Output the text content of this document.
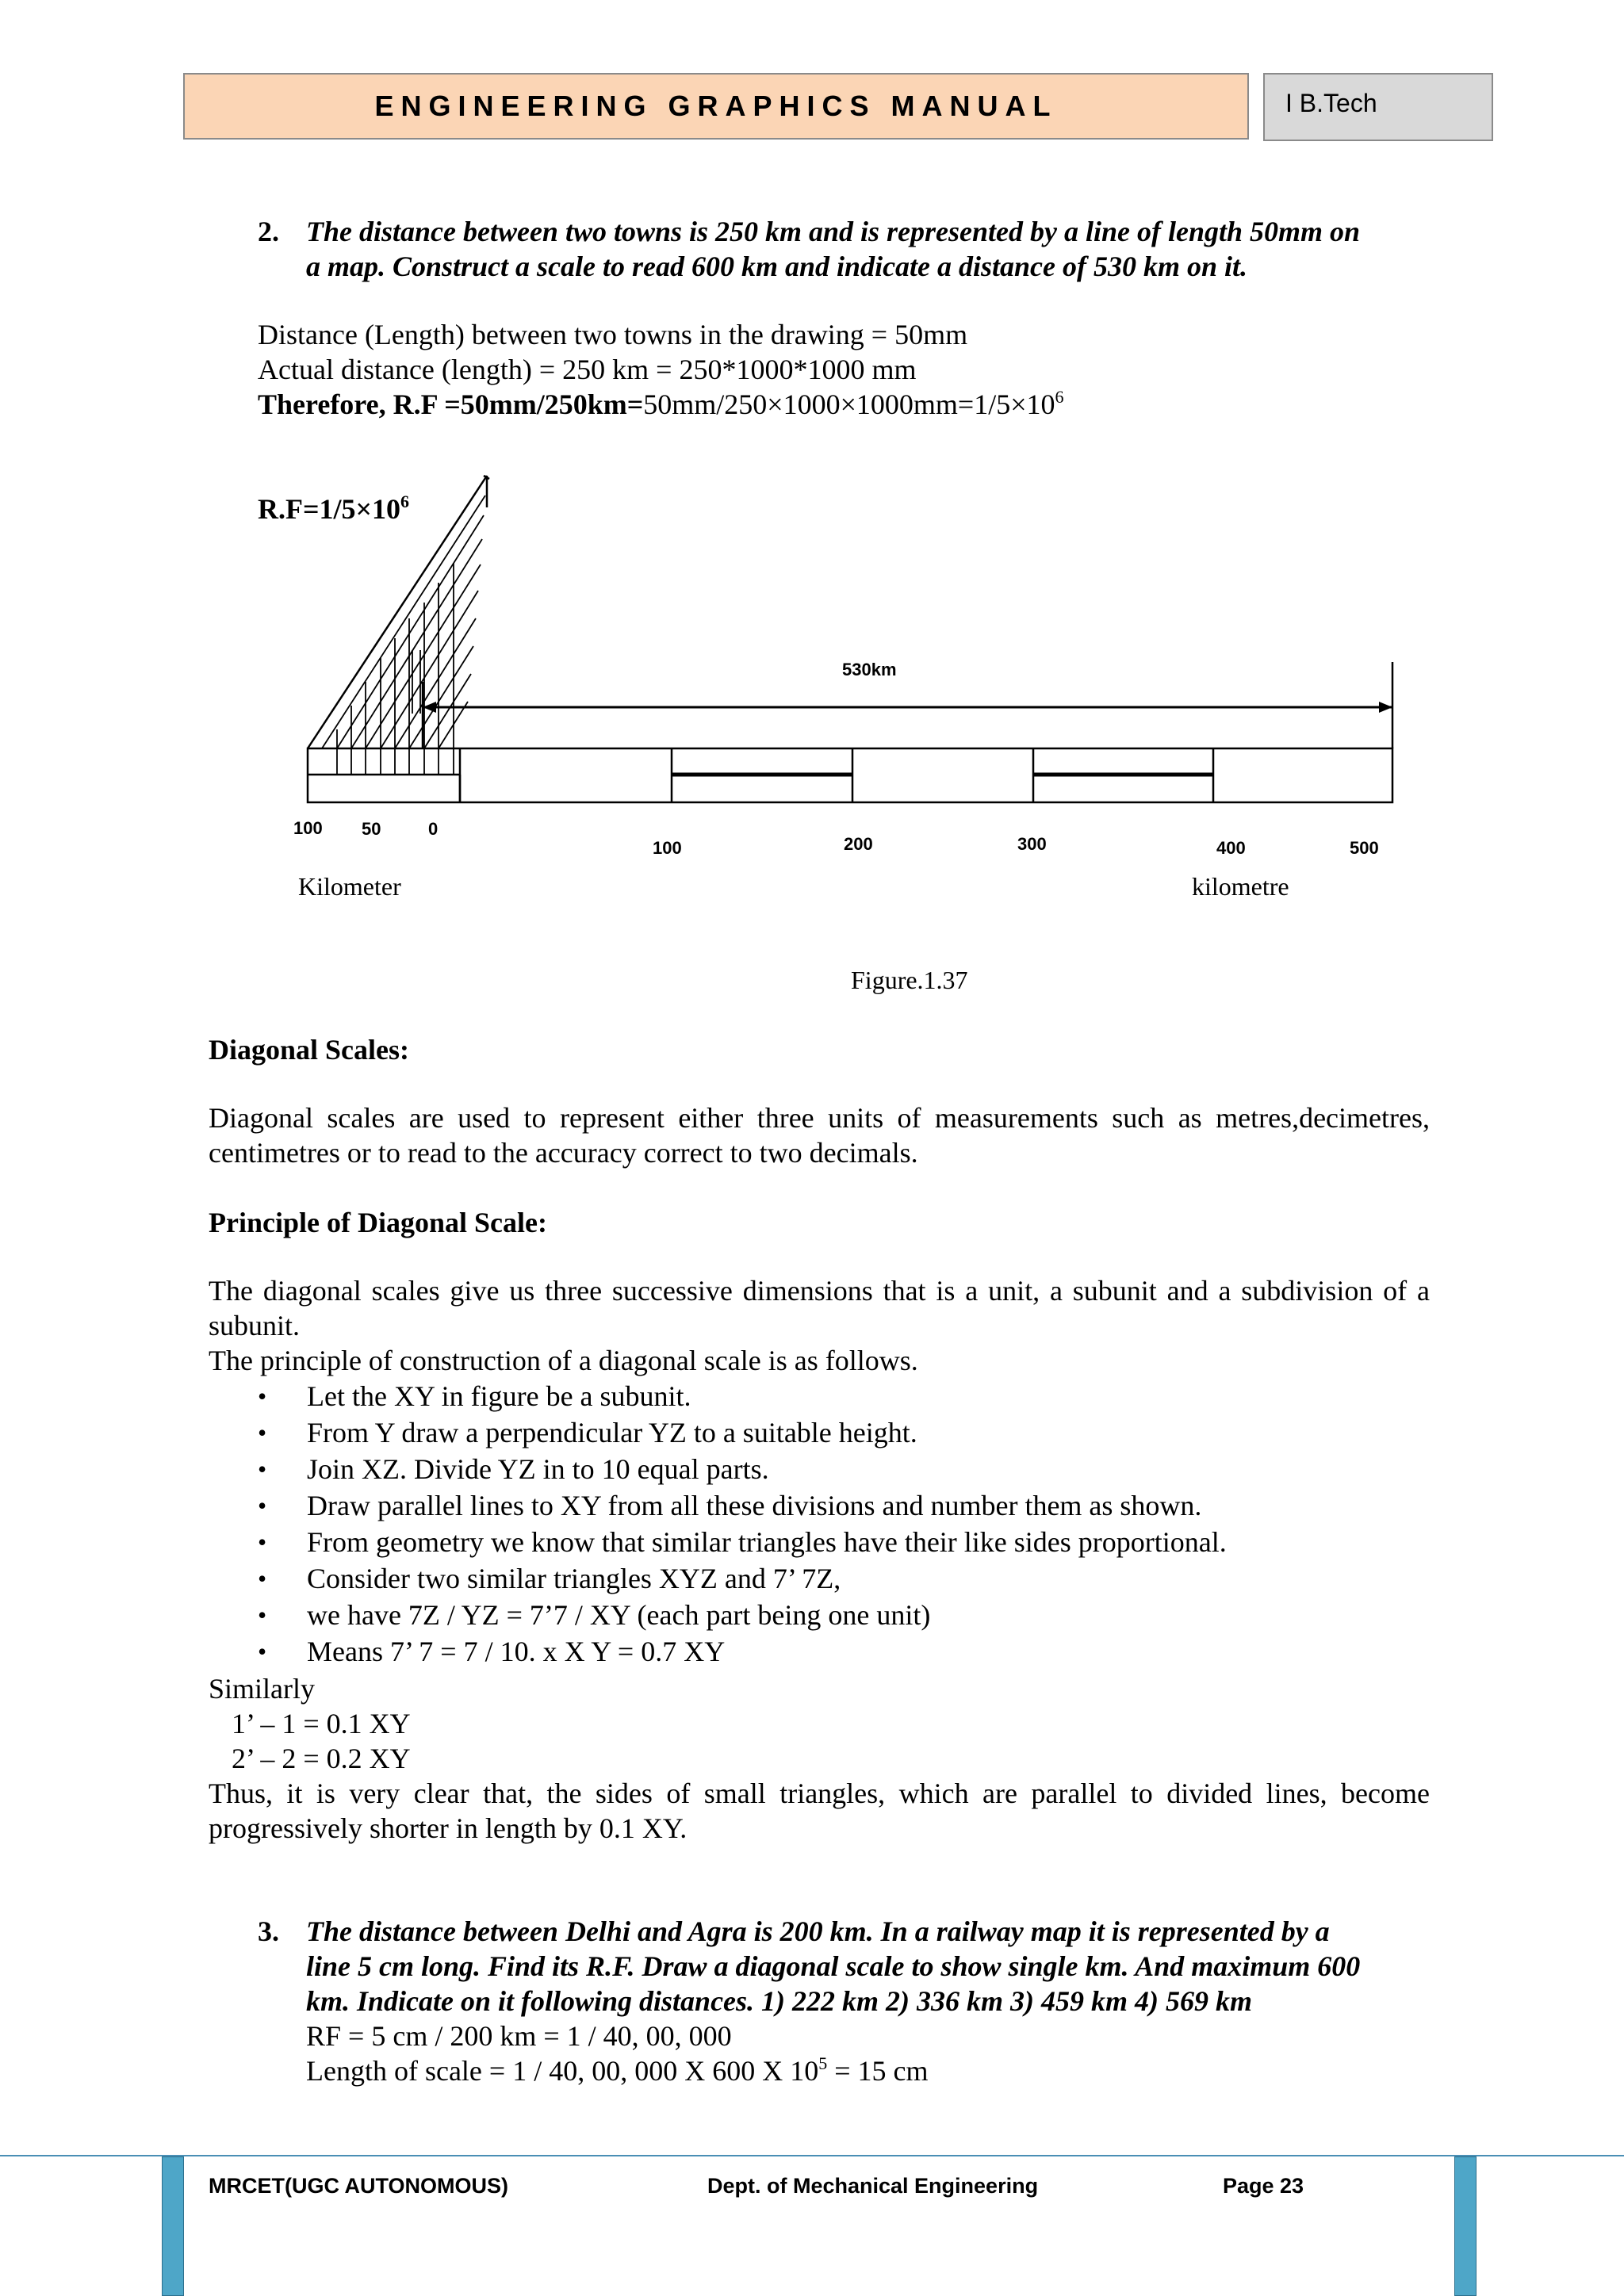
ENGINEERING GRAPHICS MANUAL	I B.Tech

2. The distance between two towns is 250 km and is represented by a line of length 50mm on

a map. Construct a scale to read 600 km and indicate a distance of 530 km on it.

Distance (Length) between two towns in the drawing = 50mm

Actual distance (length) = 250 km = 250*1000*1000 mm

Therefore, $R.F =50mm/250km=50mm/250\times 1000\times 1000mm=1/5\times 10^6$

$R.F=1/5\times 10^6$

530km
100 50	0
100	200	300	400	500

Kilometer	kilometre

Figure.1.37

Diagonal Scales:

Diagonal scales are used to represent either three units of measurements such as metres,decimetres, centimetres or to read to the accuracy correct to two decimals.

Principle of Diagonal Scale:

The diagonal scales give us three successive dimensions that is a unit, a subunit and a subdivision of a subunit.

The principle of construction of a diagonal scale is as follows.

• Let the XY in figure be a subunit.
• From Y draw a perpendicular YZ to a suitable height.
• Join XZ. Divide YZ in to 10 equal parts.
• Draw parallel lines to XY from all these divisions and number them as shown.
• From geometry we know that similar triangles have their like sides proportional.
• Consider two similar triangles XYZ and 7’ 7Z,
• we have 7Z / YZ = 7’7 / XY (each part being one unit)
• Means 7’ 7 = 7 / 10. x X Y = 0.7 XY

Similarly

1’ – 1 = 0.1 XY

2’ – 2 = 0.2 XY

Thus, it is very clear that, the sides of small triangles, which are parallel to divided lines, become progressively shorter in length by 0.1 XY.

3. The distance between Delhi and Agra is 200 km. In a railway map it is represented by a

line 5 cm long. Find its R.F. Draw a diagonal scale to show single km. And maximum 600

km. Indicate on it following distances. 1) 222 km 2) 336 km 3) 459 km 4) 569 km

RF = 5 cm / 200 km = 1 / 40, 00, 000

Length of scale = 1 / 40, 00, 000 X 600 X $10^5 = 15$ cm

MRCET(UGC AUTONOMOUS)	Dept. of Mechanical Engineering	Page 23
